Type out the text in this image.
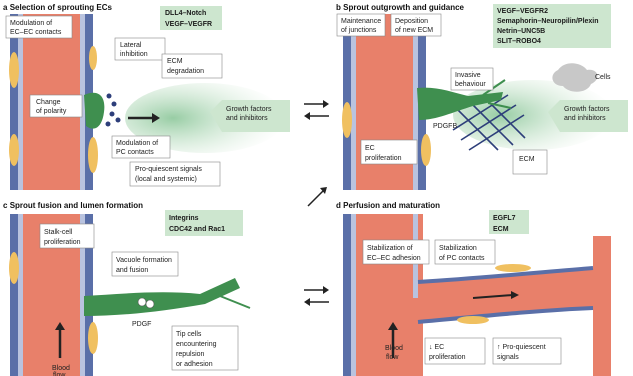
a Selection of sprouting ECs
DLL4–Notch
VEGF–VEGFR
Modulation of
EC–EC contacts
Lateral
inhibition
ECM
degradation
Change
of polarity	Growth factors
and inhibitors
Modulation of
PC contacts
Pro-quiescent signals
(local and systemic)
b Sprout outgrowth and guidance
Cells
VEGF–VEGFR2
Semaphorin–Neuropilin/Plexin
Netrin–UNC5B
SLIT–ROBO4
Maintenance
of junctions
Deposition
of new ECM
Invasive
behaviour
Growth factors
and inhibitors
PDGFB
EC
proliferation	ECM
c Sprout fusion and lumen formation
Blood
flow
Integrins
CDC42 and Rac1
Stalk-cell
proliferation
Vacuole formation
and fusion
PDGF
Tip cells
encountering
repulsion
or adhesion
d Perfusion and maturation
Blood
flow
EGFL7
ECM
Stabilization of
EC–EC adhesion
Stabilization
of PC contacts
↓ EC
proliferation
↑ Pro-quiescent
signals
